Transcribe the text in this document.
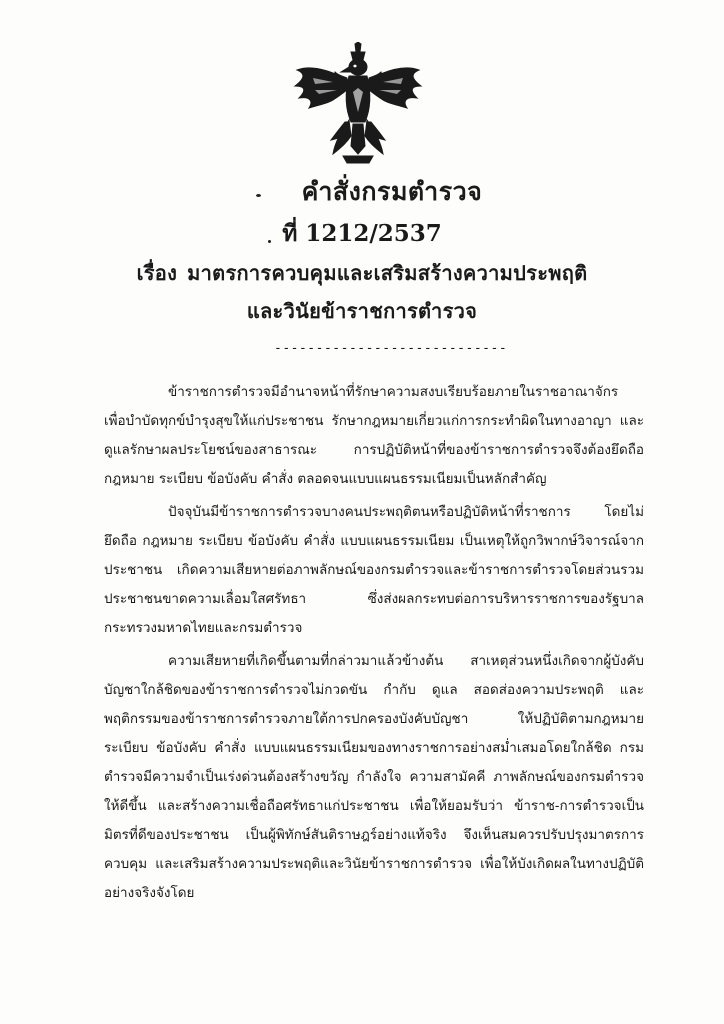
คำสั่งกรมตำรวจ
ที่ 1212/2537
เรื่อง มาตรการควบคุมและเสริมสร้างความประพฤติ
และวินัยข้าราชการตำรวจ
----------------------------

ข้าราชการตำรวจมีอำนาจหน้าที่รักษาความสงบเรียบร้อยภายในราชอาณาจักร เพื่อบำบัดทุกข์บำรุงสุขให้แก่ประชาชน รักษากฎหมายเกี่ยวแก่การกระทำผิดในทางอาญา และดูแลรักษาผลประโยชน์ของสาธารณะ การปฏิบัติหน้าที่ของข้าราชการตำรวจจึงต้องยึดถือ กฎหมาย ระเบียบ ข้อบังคับ คำสั่ง ตลอดจนแบบแผนธรรมเนียมเป็นหลักสำคัญ

ปัจจุบันมีข้าราชการตำรวจบางคนประพฤติตนหรือปฏิบัติหน้าที่ราชการ โดยไม่ยึดถือ กฎหมาย ระเบียบ ข้อบังคับ คำสั่ง แบบแผนธรรมเนียม เป็นเหตุให้ถูกวิพากษ์วิจารณ์จากประชาชน เกิดความเสียหายต่อภาพลักษณ์ของกรมตำรวจและข้าราชการตำรวจโดยส่วนรวม ประชาชนขาดความเลื่อมใสศรัทธา ซึ่งส่งผลกระทบต่อการบริหารราชการของรัฐบาล กระทรวงมหาดไทยและกรมตำรวจ

ความเสียหายที่เกิดขึ้นตามที่กล่าวมาแล้วข้างต้น สาเหตุส่วนหนึ่งเกิดจากผู้บังคับบัญชาใกล้ชิดของข้าราชการตำรวจไม่กวดขัน กำกับ ดูแล สอดส่องความประพฤติ และพฤติกรรมของข้าราชการตำรวจภายใต้การปกครองบังคับบัญชา ให้ปฏิบัติตามกฎหมาย ระเบียบ ข้อบังคับ คำสั่ง แบบแผนธรรมเนียมของทางราชการอย่างสม่ำเสมอโดยใกล้ชิด กรมตำรวจมีความจำเป็นเร่งด่วนต้องสร้างขวัญ กำลังใจ ความสามัคคี ภาพลักษณ์ของกรมตำรวจให้ดีขึ้น และสร้างความเชื่อถือศรัทธาแก่ประชาชน เพื่อให้ยอมรับว่า ข้าราช-การตำรวจเป็นมิตรที่ดีของประชาชน เป็นผู้พิทักษ์สันติราษฎร์อย่างแท้จริง จึงเห็นสมควรปรับปรุงมาตรการควบคุม และเสริมสร้างความประพฤติและวินัยข้าราชการตำรวจ เพื่อให้บังเกิดผลในทางปฏิบัติอย่างจริงจังโดย
